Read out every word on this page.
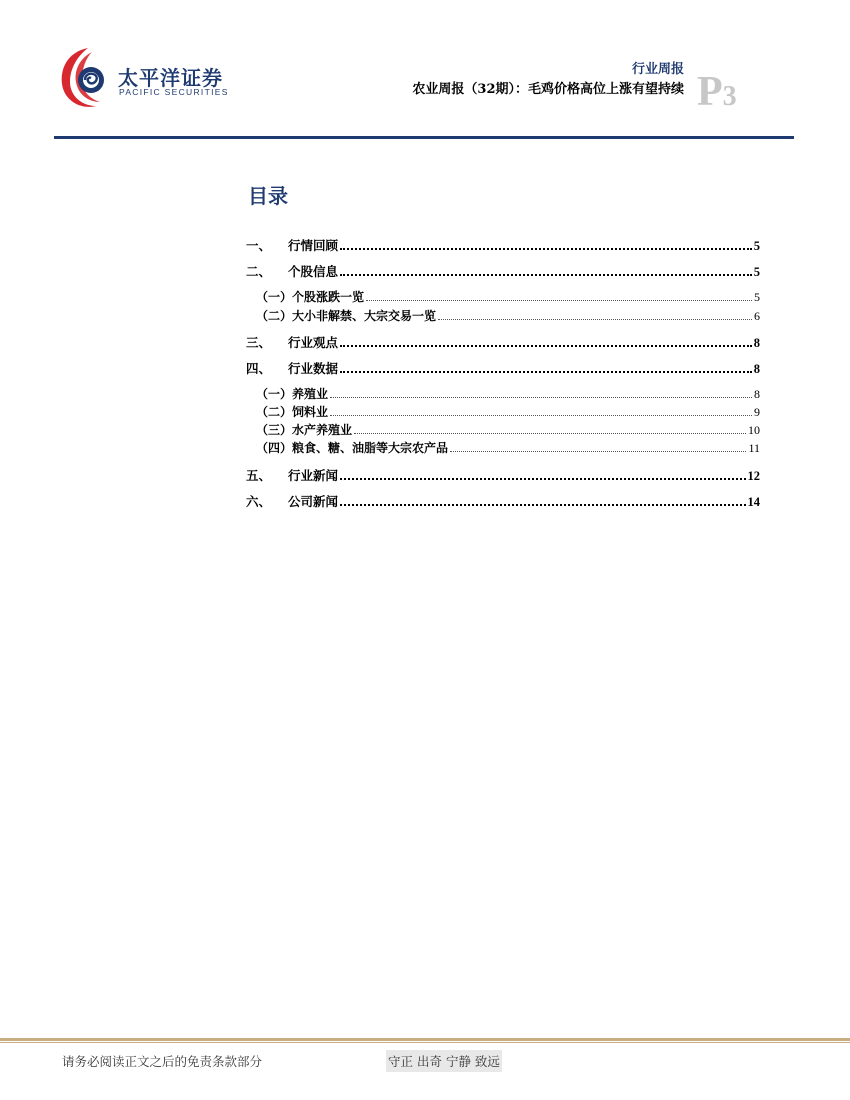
太平洋证券
PACIFIC SECURITIES
行业周报
农业周报（32期）：毛鸡价格高位上涨有望持续 P3
目录
一、	行情回顾	5
二、	个股信息	5
（一） 个股涨跌一览	5
（二） 大小非解禁、大宗交易一览	6
三、	行业观点	8
四、	行业数据	8
（一） 养殖业	8
（二） 饲料业	9
（三） 水产养殖业	10
（四） 粮食、糖、油脂等大宗农产品	11
五、	行业新闻	12
六、	公司新闻	14
请务必阅读正文之后的免责条款部分	守正 出奇 宁静 致远
